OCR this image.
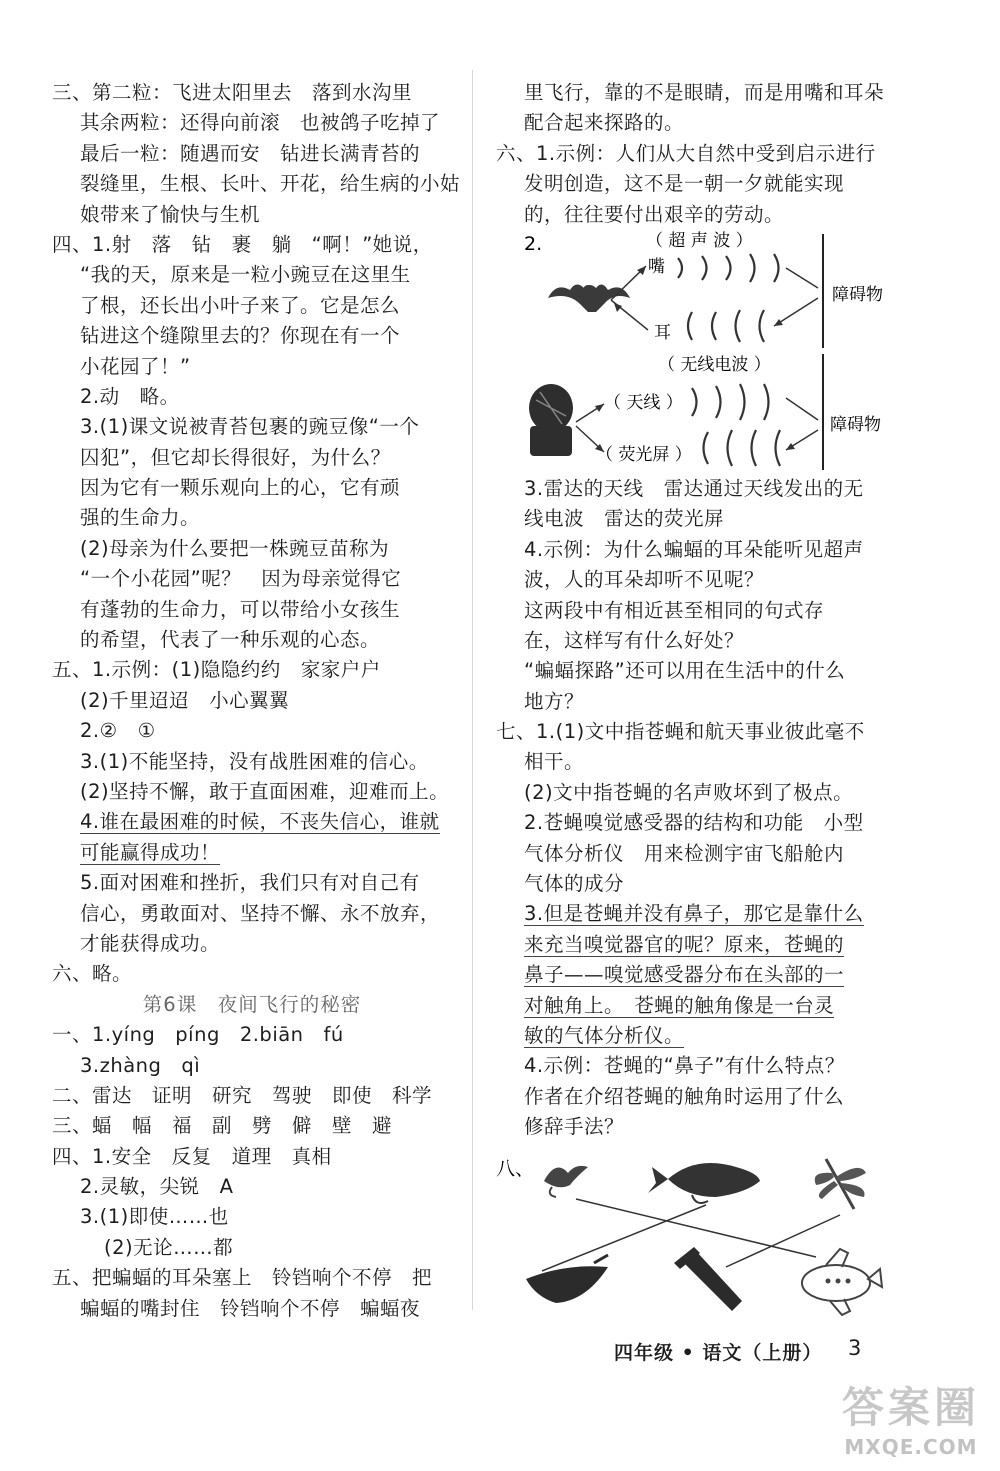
三、第二粒：飞进太阳里去　落到水沟里
其余两粒：还得向前滚　也被鸽子吃掉了
最后一粒：随遇而安　钻进长满青苔的
裂缝里，生根、长叶、开花，给生病的小姑
娘带来了愉快与生机
四、1.射　落　钻　裹　躺　“啊！”她说，
“我的天，原来是一粒小豌豆在这里生
了根，还长出小叶子来了。它是怎么
钻进这个缝隙里去的？你现在有一个
小花园了！”
2.动　略。
3.(1)课文说被青苔包裹的豌豆像“一个
囚犯”，但它却长得很好，为什么？
因为它有一颗乐观向上的心，它有顽
强的生命力。
(2)母亲为什么要把一株豌豆苗称为
“一个小花园”呢？　因为母亲觉得它
有蓬勃的生命力，可以带给小女孩生
的希望，代表了一种乐观的心态。
五、1.示例：(1)隐隐约约　家家户户
(2)千里迢迢　小心翼翼
2.②　①
3.(1)不能坚持，没有战胜困难的信心。
(2)坚持不懈，敢于直面困难，迎难而上。
4.谁在最困难的时候，不丧失信心，谁就
可能赢得成功！
5.面对困难和挫折，我们只有对自己有
信心，勇敢面对、坚持不懈、永不放弃，
才能获得成功。
六、略。
第6课　夜间飞行的秘密
一、1.yíng　píng　2.biān　fú
3.zhàng　qì
二、雷达　证明　研究　驾驶　即使　科学
三、蝠　幅　福　副　劈　僻　壁　避
四、1.安全　反复　道理　真相
2.灵敏，尖锐　A
3.(1)即使……也
(2)无论……都
五、把蝙蝠的耳朵塞上　铃铛响个不停　把
蝙蝠的嘴封住　铃铛响个不停　蝙蝠夜
里飞行，靠的不是眼睛，而是用嘴和耳朵
配合起来探路的。
六、1.示例：人们从大自然中受到启示进行
发明创造，这不是一朝一夕就能实现
的，往往要付出艰辛的劳动。
2.	（ 超 声 波 ）
嘴
耳
障碍物
（ 无线电波 ）
（ 天线 ）
（ 荧光屏 ）
障碍物
3.雷达的天线　雷达通过天线发出的无
线电波　雷达的荧光屏
4.示例：为什么蝙蝠的耳朵能听见超声
波，人的耳朵却听不见呢？
这两段中有相近甚至相同的句式存
在，这样写有什么好处？
“蝙蝠探路”还可以用在生活中的什么
地方？
七、1.(1)文中指苍蝇和航天事业彼此毫不
相干。
(2)文中指苍蝇的名声败坏到了极点。
2.苍蝇嗅觉感受器的结构和功能　小型
气体分析仪　用来检测宇宙飞船舱内
气体的成分
3.但是苍蝇并没有鼻子，那它是靠什么
来充当嗅觉器官的呢？原来，苍蝇的
鼻子——嗅觉感受器分布在头部的一
对触角上。　苍蝇的触角像是一台灵
敏的气体分析仪。
4.示例：苍蝇的“鼻子”有什么特点？
作者在介绍苍蝇的触角时运用了什么
修辞手法？
八、
四年级 • 语文（上册） 3
答案圈
MXQE.COM
